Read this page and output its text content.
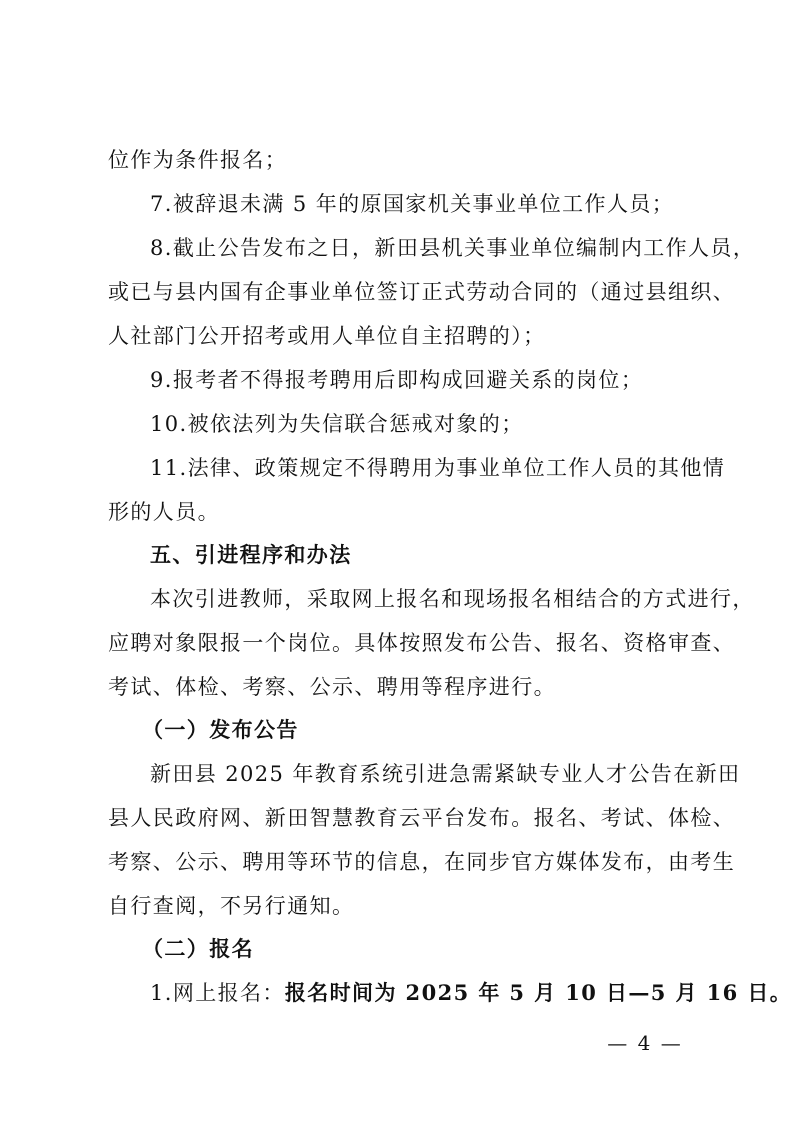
位作为条件报名；
7.被辞退未满 5 年的原国家机关事业单位工作人员；
8.截止公告发布之日，新田县机关事业单位编制内工作人员，
或已与县内国有企事业单位签订正式劳动合同的（通过县组织、
人社部门公开招考或用人单位自主招聘的）；
9.报考者不得报考聘用后即构成回避关系的岗位；
10.被依法列为失信联合惩戒对象的；
11.法律、政策规定不得聘用为事业单位工作人员的其他情
形的人员。
五、引进程序和办法
本次引进教师，采取网上报名和现场报名相结合的方式进行，
应聘对象限报一个岗位。具体按照发布公告、报名、资格审查、
考试、体检、考察、公示、聘用等程序进行。
（一）发布公告
新田县 2025 年教育系统引进急需紧缺专业人才公告在新田
县人民政府网、新田智慧教育云平台发布。报名、考试、体检、
考察、公示、聘用等环节的信息，在同步官方媒体发布，由考生
自行查阅，不另行通知。
（二）报名
1.网上报名：报名时间为 2025 年 5 月 10 日—5 月 16 日。
— 4 —
